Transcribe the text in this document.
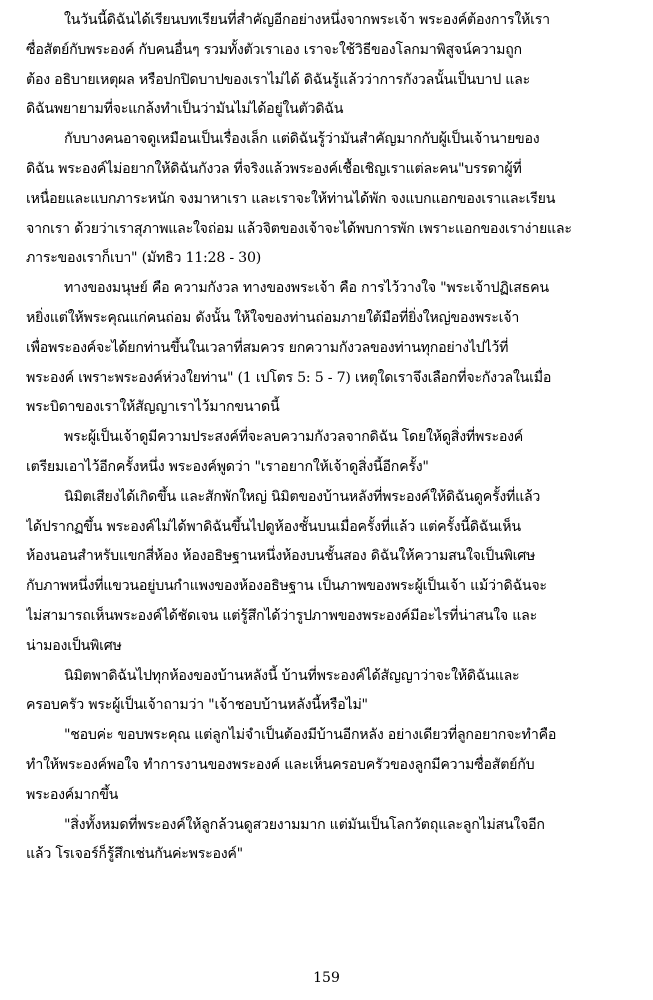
ในวันนี้ดิฉันได้เรียนบทเรียนที่สำคัญอีกอย่างหนึ่งจากพระเจ้า พระองค์ต้องการให้เรา
ซื่อสัตย์กับพระองค์ กับคนอื่นๆ รวมทั้งตัวเราเอง เราจะใช้วิธีของโลกมาพิสูจน์ความถูก
ต้อง อธิบายเหตุผล หรือปกปิดบาปของเราไม่ได้ ดิฉันรู้แล้วว่าการกังวลนั้นเป็นบาป และ
ดิฉันพยายามที่จะแกล้งทำเป็นว่ามันไม่ได้อยู่ในตัวดิฉัน
กับบางคนอาจดูเหมือนเป็นเรื่องเล็ก แต่ดิฉันรู้ว่ามันสำคัญมากกับผู้เป็นเจ้านายของ
ดิฉัน พระองค์ไม่อยากให้ดิฉันกังวล ที่จริงแล้วพระองค์เชื้อเชิญเราแต่ละคน"บรรดาผู้ที่
เหนื่อยและแบกภาระหนัก จงมาหาเรา และเราจะให้ท่านได้พัก จงแบกแอกของเราและเรียน
จากเรา ด้วยว่าเราสุภาพและใจถ่อม แล้วจิตของเจ้าจะได้พบการพัก เพราะแอกของเราง่ายและ
ภาระของเราก็เบา" (มัทธิว 11:28 - 30)
ทางของมนุษย์ คือ ความกังวล ทางของพระเจ้า คือ การไว้วางใจ "พระเจ้าปฏิเสธคน
หยิ่งแต่ให้พระคุณแก่คนถ่อม ดังนั้น ให้ใจของท่านถ่อมภายใต้มือที่ยิ่งใหญ่ของพระเจ้า
เพื่อพระองค์จะได้ยกท่านขึ้นในเวลาที่สมควร ยกความกังวลของท่านทุกอย่างไปไว้ที่
พระองค์ เพราะพระองค์ห่วงใยท่าน" (1 เปโตร 5: 5 - 7) เหตุใดเราจึงเลือกที่จะกังวลในเมื่อ
พระบิดาของเราให้สัญญาเราไว้มากขนาดนี้
พระผู้เป็นเจ้าดูมีความประสงค์ที่จะลบความกังวลจากดิฉัน โดยให้ดูสิ่งที่พระองค์
เตรียมเอาไว้อีกครั้งหนึ่ง พระองค์พูดว่า "เราอยากให้เจ้าดูสิ่งนี้อีกครั้ง"
นิมิตเสียงได้เกิดขึ้น และสักพักใหญ่ นิมิตของบ้านหลังที่พระองค์ให้ดิฉันดูครั้งที่แล้ว
ได้ปรากฏขึ้น พระองค์ไม่ได้พาดิฉันขึ้นไปดูห้องชั้นบนเมื่อครั้งที่แล้ว แต่ครั้งนี้ดิฉันเห็น
ห้องนอนสำหรับแขกสี่ห้อง ห้องอธิษฐานหนึ่งห้องบนชั้นสอง ดิฉันให้ความสนใจเป็นพิเศษ
กับภาพหนึ่งที่แขวนอยู่บนกำแพงของห้องอธิษฐาน เป็นภาพของพระผู้เป็นเจ้า แม้ว่าดิฉันจะ
ไม่สามารถเห็นพระองค์ได้ชัดเจน แต่รู้สึกได้ว่ารูปภาพของพระองค์มีอะไรที่น่าสนใจ และ
น่ามองเป็นพิเศษ
นิมิตพาดิฉันไปทุกห้องของบ้านหลังนี้ บ้านที่พระองค์ได้สัญญาว่าจะให้ดิฉันและ
ครอบครัว พระผู้เป็นเจ้าถามว่า "เจ้าชอบบ้านหลังนี้หรือไม่"
"ชอบค่ะ ขอบพระคุณ แต่ลูกไม่จำเป็นต้องมีบ้านอีกหลัง อย่างเดียวที่ลูกอยากจะทำคือ
ทำให้พระองค์พอใจ ทำการงานของพระองค์ และเห็นครอบครัวของลูกมีความซื่อสัตย์กับ
พระองค์มากขึ้น
"สิ่งทั้งหมดที่พระองค์ให้ลูกล้วนดูสวยงามมาก แต่มันเป็นโลกวัตถุและลูกไม่สนใจอีก
แล้ว โรเจอร์ก็รู้สึกเช่นกันค่ะพระองค์"
159
